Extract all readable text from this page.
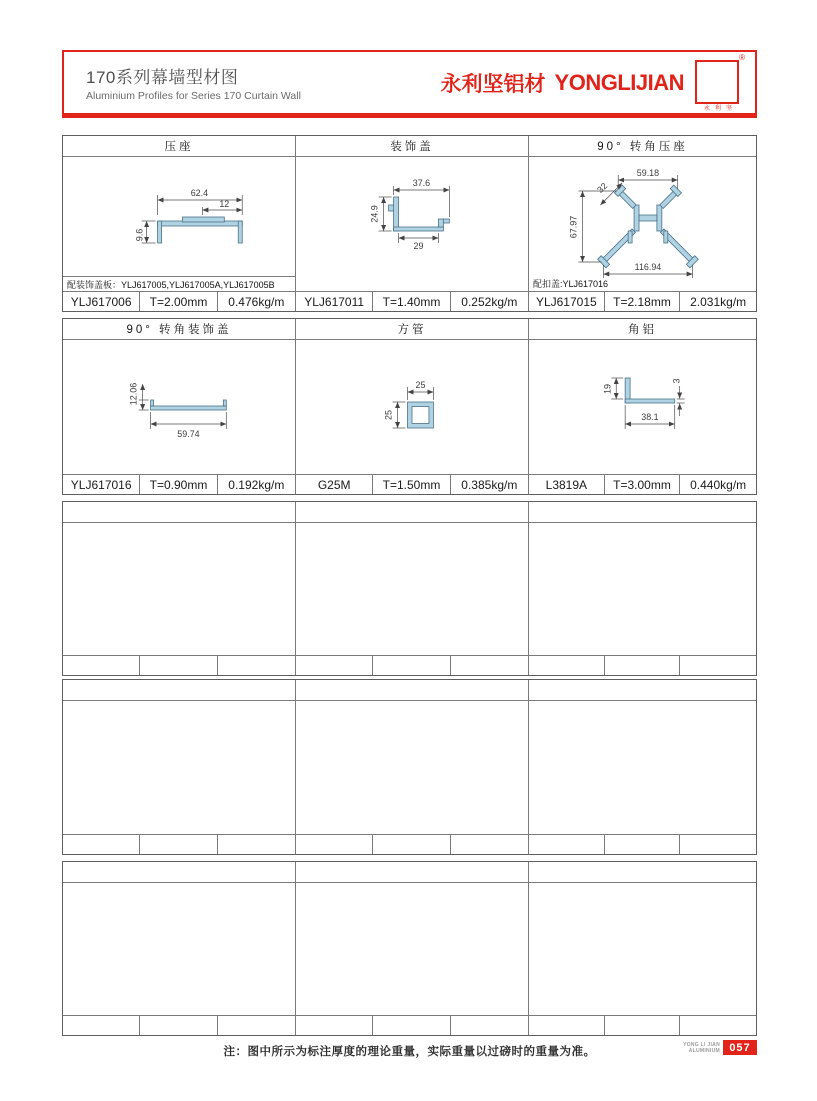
170系列幕墙型材图
Aluminium Profiles for Series 170 Curtain Wall
永利坚铝材 YONGLIJIAN
®
永利坚
压座	装饰盖	90° 转角压座
62.4
12
9.6
配装饰盖板：YLJ617005,YLJ617005A,YLJ617005B
37.6
29
24.9
59.18
32
67.97
116.94
配扣盖:YLJ617016
YLJ617006	T=2.00mm	0.476kg/m	YLJ617011	T=1.40mm	0.252kg/m	YLJ617015	T=2.18mm	2.031kg/m
90° 转角装饰盖	方管	角铝
12.06
59.74
25
25
19
3
38.1
YLJ617016	T=0.90mm	0.192kg/m	G25M	T=1.50mm	0.385kg/m	L3819A	T=3.00mm	0.440kg/m
注：图中所示为标注厚度的理论重量，实际重量以过磅时的重量为准。
YONG LI JIAN
ALUMINIUM 057
